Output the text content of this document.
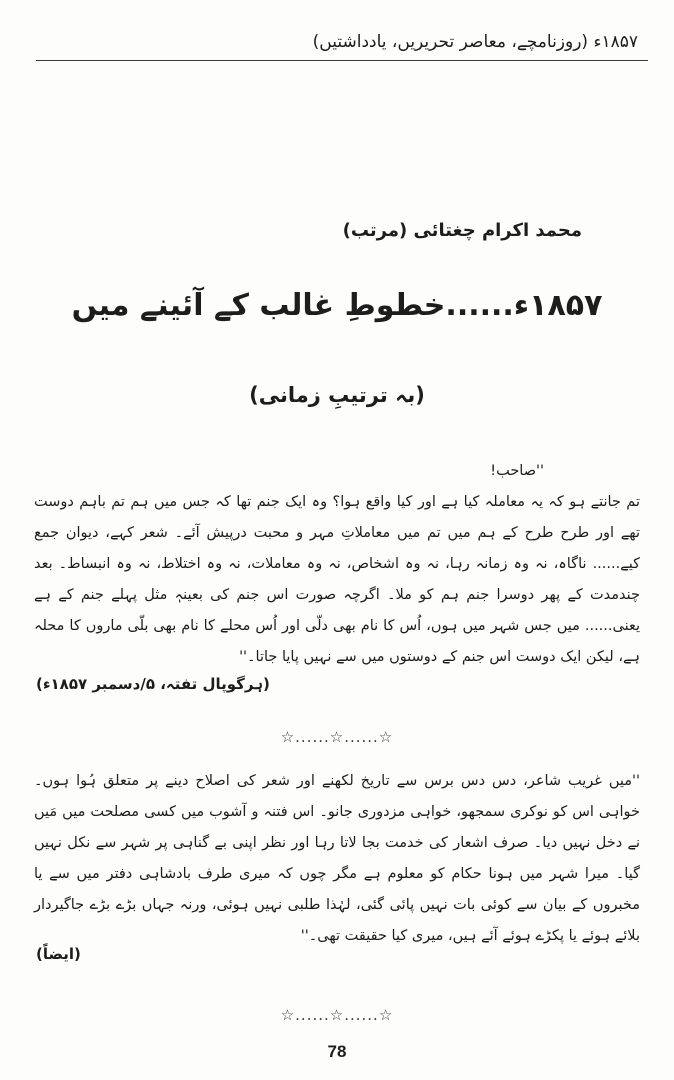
۱۸۵۷ء (روزنامچے، معاصر تحریریں، یادداشتیں)
محمد اکرام چغتائی (مرتب)
۱۸۵۷ء......خطوطِ غالب کے آئینے میں
(بہ ترتیبِ زمانی)
''صاحب!
تم جانتے ہو کہ یہ معاملہ کیا ہے اور کیا واقع ہوا؟ وہ ایک جنم تھا کہ جس میں ہم تم باہم دوست تھے اور طرح طرح کے ہم میں تم میں معاملاتِ مہر و محبت درپیش آئے۔ شعر کہے، دیوان جمع کیے...... ناگاہ، نہ وہ زمانہ رہا، نہ وہ اشخاص، نہ وہ معاملات، نہ وہ اختلاط، نہ وہ انبساط۔ بعد چندمدت کے پھر دوسرا جنم ہم کو ملا۔ اگرچہ صورت اس جنم کی بعینہٖ مثل پہلے جنم کے ہے یعنی...... میں جس شہر میں ہوں، اُس کا نام بھی دلّی اور اُس محلے کا نام بھی بلّی ماروں کا محلہ ہے، لیکن ایک دوست اس جنم کے دوستوں میں سے نہیں پایا جاتا۔''
(ہرگوپال تفتہ، ۵/دسمبر ۱۸۵۷ء)
☆......☆......☆
''میں غریب شاعر، دس دس برس سے تاریخ لکھنے اور شعر کی اصلاح دینے پر متعلق ہُوا ہوں۔ خواہی اس کو نوکری سمجھو، خواہی مزدوری جانو۔ اس فتنہ و آشوب میں کسی مصلحت میں مَیں نے دخل نہیں دیا۔ صرف اشعار کی خدمت بجا لاتا رہا اور نظر اپنی بے گناہی پر شہر سے نکل نہیں گیا۔ میرا شہر میں ہونا حکام کو معلوم ہے مگر چوں کہ میری طرف بادشاہی دفتر میں سے یا مخبروں کے بیان سے کوئی بات نہیں پائی گئی، لہٰذا طلبی نہیں ہوئی، ورنہ جہاں بڑے بڑے جاگیردار بلائے ہوئے یا پکڑے ہوئے آئے ہیں، میری کیا حقیقت تھی۔''
(ایضاً)
☆......☆......☆
78
